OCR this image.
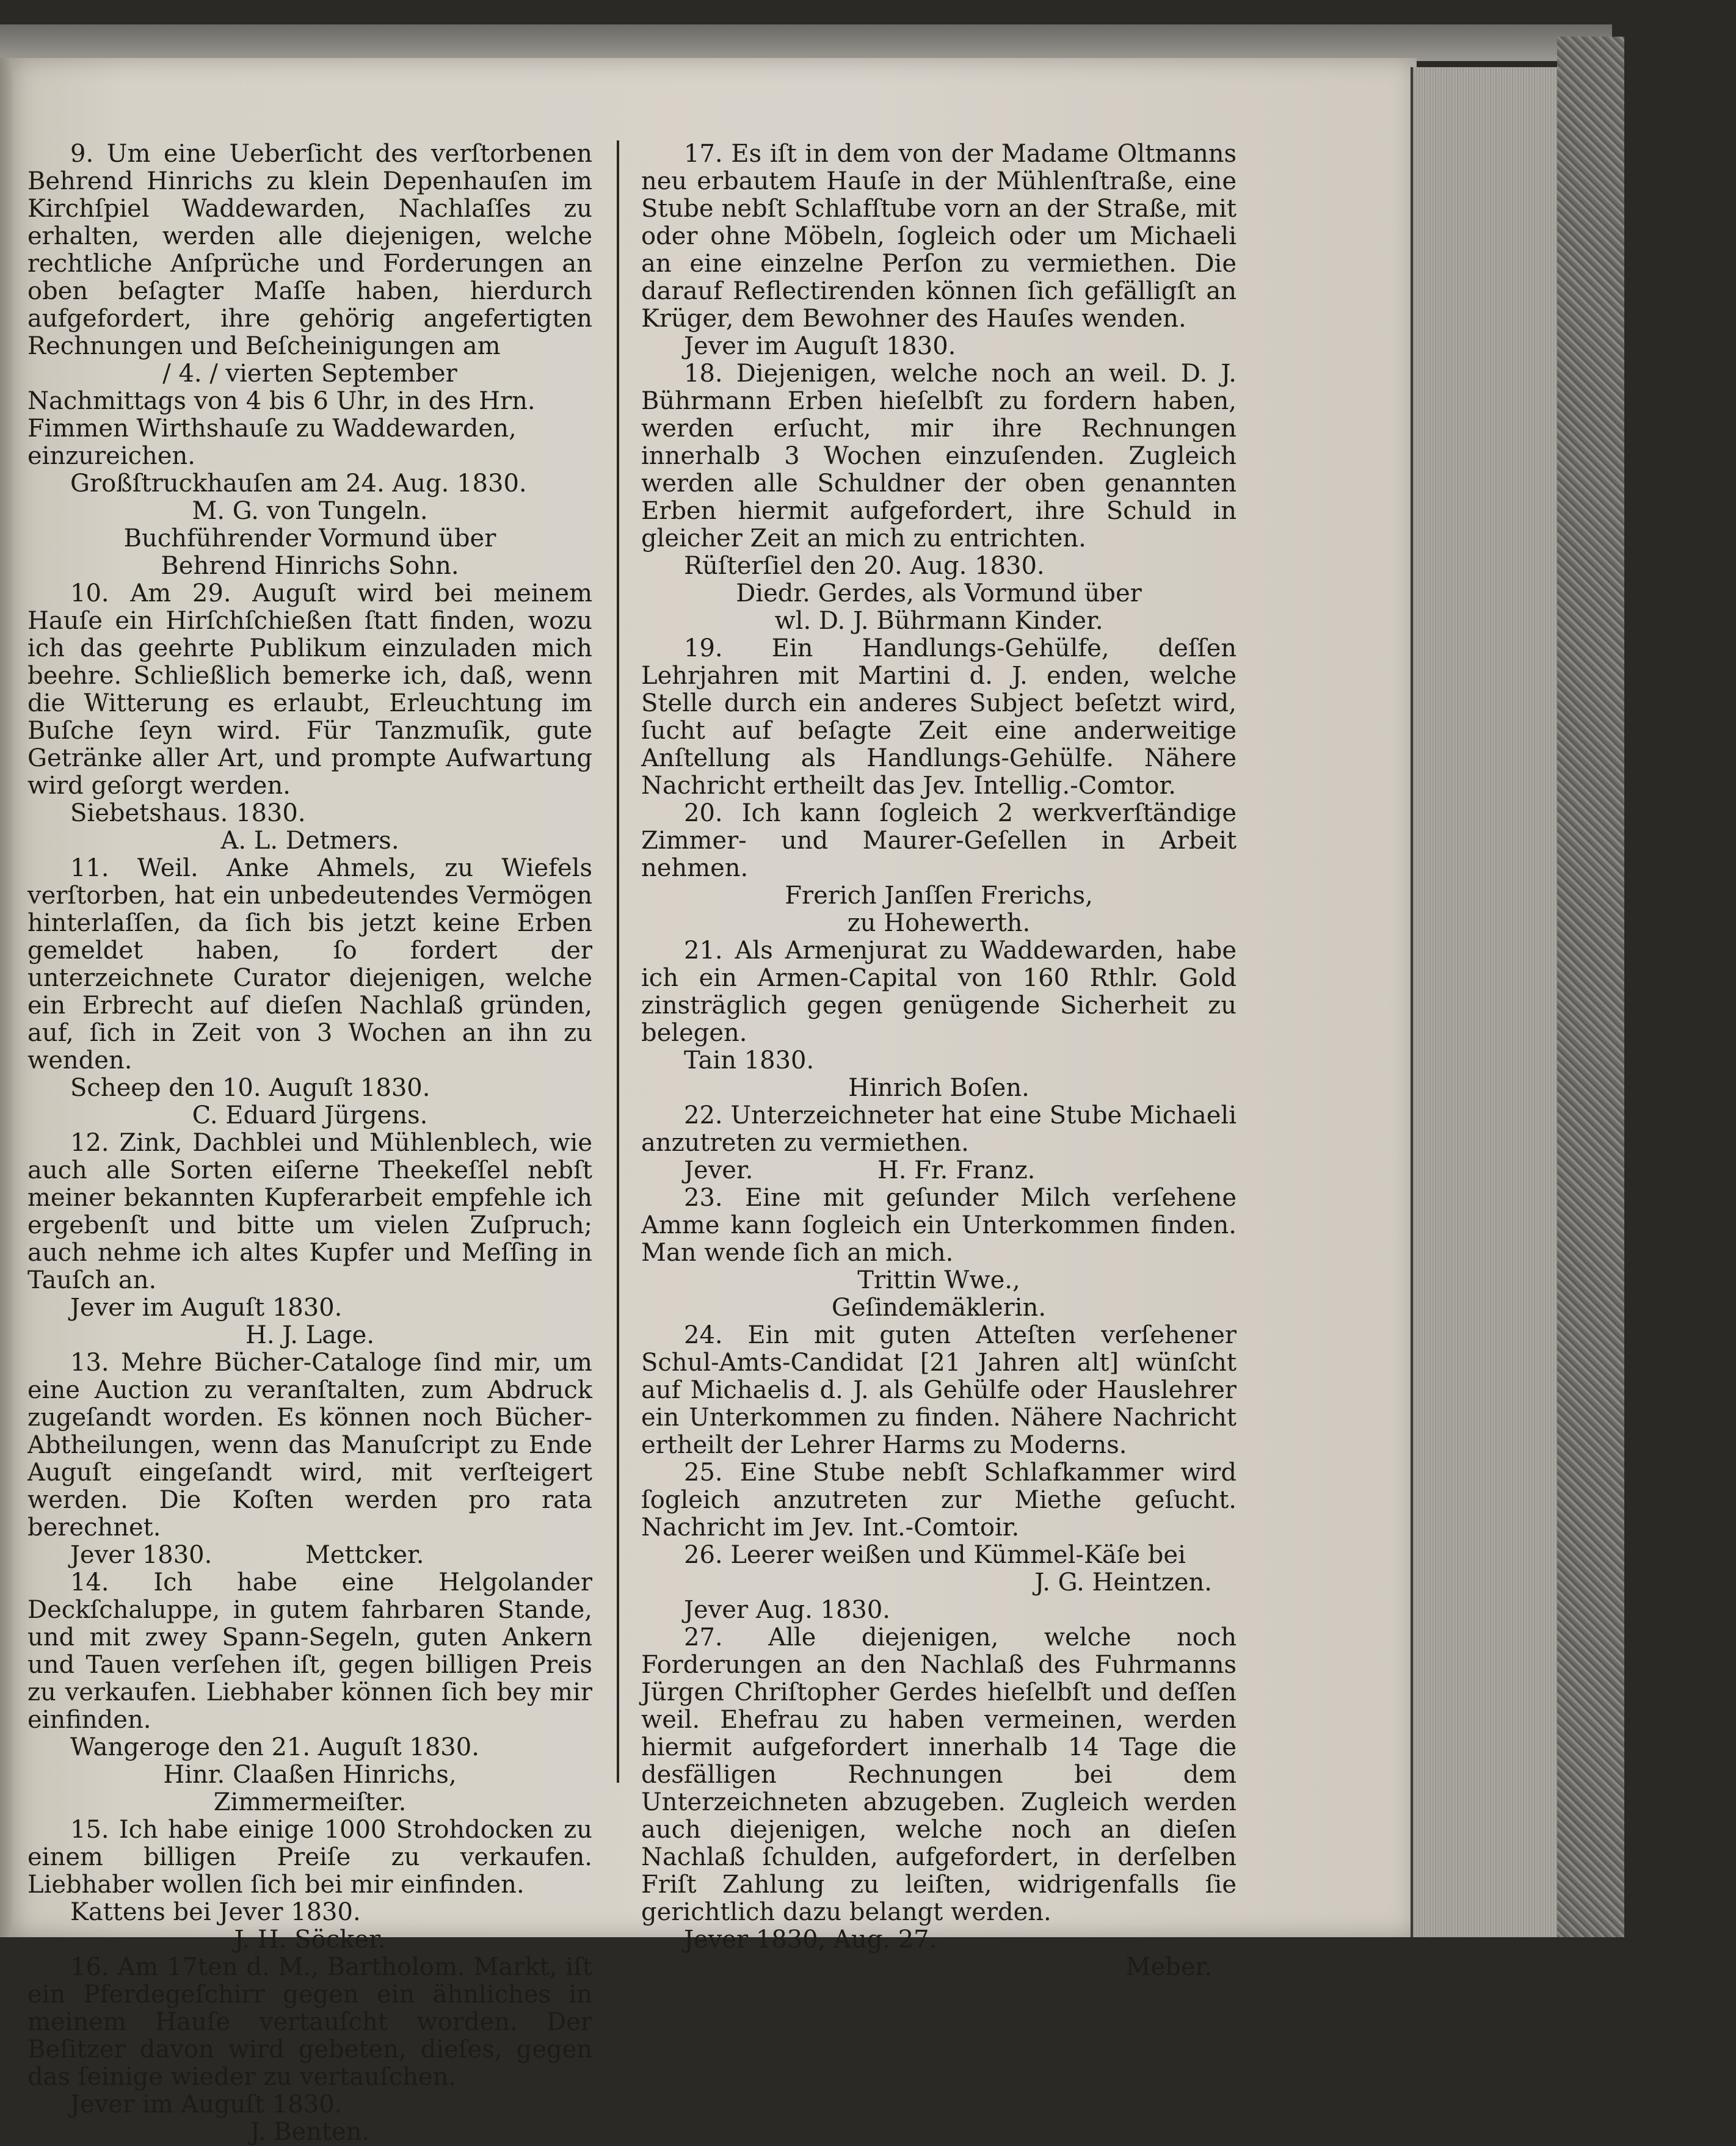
9. Um eine Ueberſicht des verſtorbenen Behrend Hinrichs zu klein Depenhauſen im Kirchſpiel Waddewarden, Nachlaſſes zu erhalten, werden alle diejenigen, welche rechtliche Anſprüche und Forderungen an oben beſagter Maſſe haben, hierdurch aufgefordert, ihre gehörig angefertigten Rechnungen und Beſcheinigungen am
/ 4. / vierten September
Nachmittags von 4 bis 6 Uhr, in des Hrn. Fimmen Wirthshauſe zu Waddewarden, einzureichen.
Großſtruckhauſen am 24. Aug. 1830.
M. G. von Tungeln.
Buchführender Vormund über
Behrend Hinrichs Sohn.
10. Am 29. Auguſt wird bei meinem Hauſe ein Hirſchſchießen ſtatt finden, wozu ich das geehrte Publikum einzuladen mich beehre. Schließlich bemerke ich, daß, wenn die Witterung es erlaubt, Erleuchtung im Buſche ſeyn wird. Für Tanzmuſik, gute Getränke aller Art, und prompte Aufwartung wird geſorgt werden.
Siebetshaus. 1830.
A. L. Detmers.
11. Weil. Anke Ahmels, zu Wiefels verſtorben, hat ein unbedeutendes Vermögen hinterlaſſen, da ſich bis jetzt keine Erben gemeldet haben, ſo fordert der unterzeichnete Curator diejenigen, welche ein Erbrecht auf dieſen Nachlaß gründen, auf, ſich in Zeit von 3 Wochen an ihn zu wenden.
Scheep den 10. Auguſt 1830.
C. Eduard Jürgens.
12. Zink, Dachblei und Mühlenblech, wie auch alle Sorten eiſerne Theekeſſel nebſt meiner bekannten Kupferarbeit empfehle ich ergebenſt und bitte um vielen Zuſpruch; auch nehme ich altes Kupfer und Meſſing in Tauſch an.
Jever im Auguſt 1830.
H. J. Lage.
13. Mehre Bücher-Cataloge ſind mir, um eine Auction zu veranſtalten, zum Abdruck zugeſandt worden. Es können noch Bücher-Abtheilungen, wenn das Manuſcript zu Ende Auguſt eingeſandt wird, mit verſteigert werden. Die Koſten werden pro rata berechnet.
Jever 1830.            Mettcker.
14. Ich habe eine Helgolander Deckſchaluppe, in gutem fahrbaren Stande, und mit zwey Spann-Segeln, guten Ankern und Tauen verſehen iſt, gegen billigen Preis zu verkaufen. Liebhaber können ſich bey mir einfinden.
Wangeroge den 21. Auguſt 1830.
Hinr. Claaßen Hinrichs,
Zimmermeiſter.
15. Ich habe einige 1000 Strohdocken zu einem billigen Preiſe zu verkaufen. Liebhaber wollen ſich bei mir einfinden.
Kattens bei Jever 1830.
J. H. Söcker.
16. Am 17ten d. M., Bartholom. Markt, iſt ein Pferdegeſchirr gegen ein ähnliches in meinem Hauſe vertauſcht worden. Der Beſitzer davon wird gebeten, dieſes, gegen das ſeinige wieder zu vertauſchen.
Jever im Auguſt 1830.
J. Benten.
17. Es iſt in dem von der Madame Oltmanns neu erbautem Hauſe in der Mühlenſtraße, eine Stube nebſt Schlafſtube vorn an der Straße, mit oder ohne Möbeln, ſogleich oder um Michaeli an eine einzelne Perſon zu vermiethen. Die darauf Reflectirenden können ſich gefälligſt an Krüger, dem Bewohner des Hauſes wenden.
Jever im Auguſt 1830.
18. Diejenigen, welche noch an weil. D. J. Bührmann Erben hieſelbſt zu fordern haben, werden erſucht, mir ihre Rechnungen innerhalb 3 Wochen einzuſenden. Zugleich werden alle Schuldner der oben genannten Erben hiermit aufgefordert, ihre Schuld in gleicher Zeit an mich zu entrichten.
Rüſterſiel den 20. Aug. 1830.
Diedr. Gerdes, als Vormund über
wl. D. J. Bührmann Kinder.
19. Ein Handlungs-Gehülfe, deſſen Lehrjahren mit Martini d. J. enden, welche Stelle durch ein anderes Subject beſetzt wird, ſucht auf beſagte Zeit eine anderweitige Anſtellung als Handlungs-Gehülfe. Nähere Nachricht ertheilt das Jev. Intellig.-Comtor.
20. Ich kann ſogleich 2 werkverſtändige Zimmer- und Maurer-Geſellen in Arbeit nehmen.
Frerich Janſſen Frerichs,
zu Hohewerth.
21. Als Armenjurat zu Waddewarden, habe ich ein Armen-Capital von 160 Rthlr. Gold zinsträglich gegen genügende Sicherheit zu belegen.
Tain 1830.
Hinrich Boſen.
22. Unterzeichneter hat eine Stube Michaeli anzutreten zu vermiethen.
Jever.                H. Fr. Franz.
23. Eine mit geſunder Milch verſehene Amme kann ſogleich ein Unterkommen finden. Man wende ſich an mich.
Trittin Wwe.,
Geſindemäklerin.
24. Ein mit guten Atteſten verſehener Schul-Amts-Candidat [21 Jahren alt] wünſcht auf Michaelis d. J. als Gehülfe oder Hauslehrer ein Unterkommen zu finden. Nähere Nachricht ertheilt der Lehrer Harms zu Moderns.
25. Eine Stube nebſt Schlafkammer wird ſogleich anzutreten zur Miethe geſucht. Nachricht im Jev. Int.-Comtoir.
26. Leerer weißen und Kümmel-Käſe bei
J. G. Heintzen.
Jever Aug. 1830.
27. Alle diejenigen, welche noch Forderungen an den Nachlaß des Fuhrmanns Jürgen Chriſtopher Gerdes hieſelbſt und deſſen weil. Ehefrau zu haben vermeinen, werden hiermit aufgefordert innerhalb 14 Tage die desfälligen Rechnungen bei dem Unterzeichneten abzugeben. Zugleich werden auch diejenigen, welche noch an dieſen Nachlaß ſchulden, aufgefordert, in derſelben Friſt Zahlung zu leiſten, widrigenfalls ſie gerichtlich dazu belangt werden.
Jever 1830, Aug. 27.
Meber.
